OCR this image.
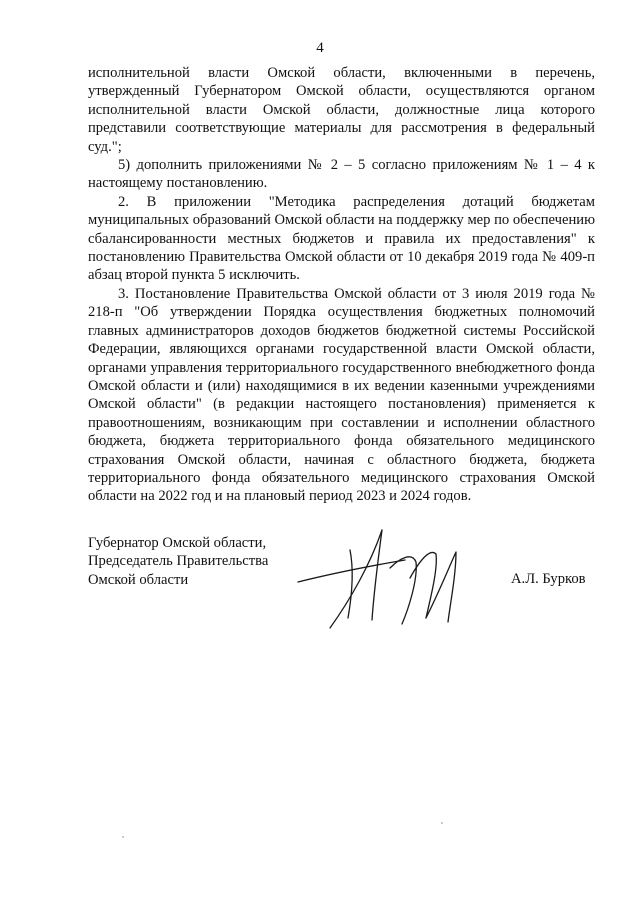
4

исполнительной власти Омской области, включенными в перечень, утвержденный Губернатором Омской области, осуществляются органом исполнительной власти Омской области, должностные лица которого представили соответствующие материалы для рассмотрения в федеральный суд.";

5) дополнить приложениями № 2 – 5 согласно приложениям № 1 – 4 к настоящему постановлению.

2. В приложении "Методика распределения дотаций бюджетам муниципальных образований Омской области на поддержку мер по обеспечению сбалансированности местных бюджетов и правила их предоставления" к постановлению Правительства Омской области от 10 декабря 2019 года № 409-п абзац второй пункта 5 исключить.

3. Постановление Правительства Омской области от 3 июля 2019 года № 218-п "Об утверждении Порядка осуществления бюджетных полномочий главных администраторов доходов бюджетов бюджетной системы Российской Федерации, являющихся органами государственной власти Омской области, органами управления территориального государственного внебюджетного фонда Омской области и (или) находящимися в их ведении казенными учреждениями Омской области" (в редакции настоящего постановления) применяется к правоотношениям, возникающим при составлении и исполнении областного бюджета, бюджета территориального фонда обязательного медицинского страхования Омской области, начиная с областного бюджета, бюджета территориального фонда обязательного медицинского страхования Омской области на 2022 год и на плановый период 2023 и 2024 годов.

Губернатор Омской области,
Председатель Правительства
Омской области	А.Л. Бурков
